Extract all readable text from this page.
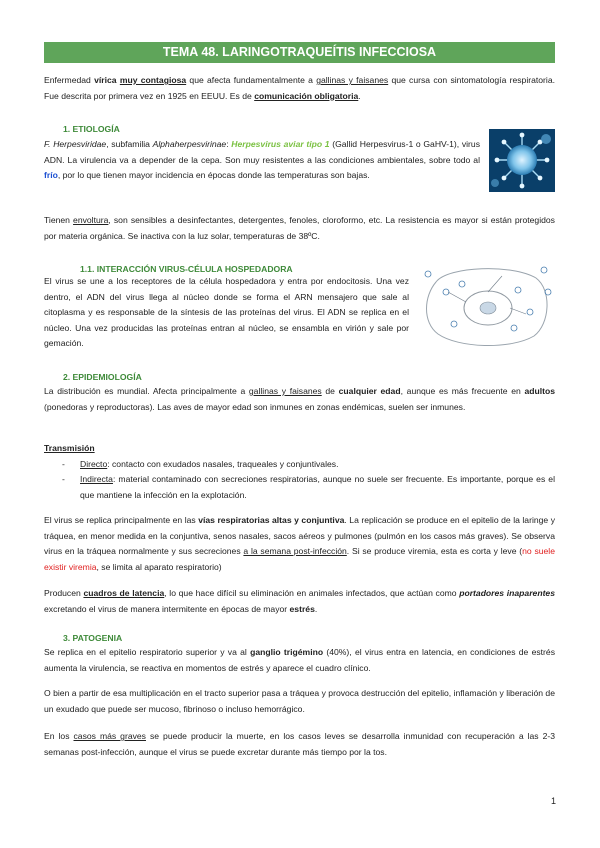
TEMA 48. LARINGOTRAQUEÍTIS INFECCIOSA
Enfermedad vírica muy contagiosa que afecta fundamentalmente a gallinas y faisanes que cursa con sintomatología respiratoria. Fue descrita por primera vez en 1925 en EEUU. Es de comunicación obligatoria.
1. ETIOLOGÍA
F. Herpesviridae, subfamilia Alphaherpesvirinae: Herpesvirus aviar tipo 1 (Gallid Herpesvirus-1 o GaHV-1), virus ADN. La virulencia va a depender de la cepa. Son muy resistentes a las condiciones ambientales, sobre todo al frío, por lo que tienen mayor incidencia en épocas donde las temperaturas son bajas.
Tienen envoltura, son sensibles a desinfectantes, detergentes, fenoles, cloroformo, etc. La resistencia es mayor si están protegidos por materia orgánica. Se inactiva con la luz solar, temperaturas de 38ºC.
1.1. INTERACCIÓN VIRUS-CÉLULA HOSPEDADORA
El virus se une a los receptores de la célula hospedadora y entra por endocitosis. Una vez dentro, el ADN del virus llega al núcleo donde se forma el ARN mensajero que sale al citoplasma y es responsable de la síntesis de las proteínas del virus. El ADN se replica en el núcleo. Una vez producidas las proteínas entran al núcleo, se ensambla en virión y sale por gemación.
2. EPIDEMIOLOGÍA
La distribución es mundial. Afecta principalmente a gallinas y faisanes de cualquier edad, aunque es más frecuente en adultos (ponedoras y reproductoras). Las aves de mayor edad son inmunes en zonas endémicas, suelen ser inmunes.
Transmisión
- Directo: contacto con exudados nasales, traqueales y conjuntivales.
- Indirecta: material contaminado con secreciones respiratorias, aunque no suele ser frecuente. Es importante, porque es el que mantiene la infección en la explotación.
El virus se replica principalmente en las vías respiratorias altas y conjuntiva. La replicación se produce en el epitelio de la laringe y tráquea, en menor medida en la conjuntiva, senos nasales, sacos aéreos y pulmones (pulmón en los casos más graves). Se observa virus en la tráquea normalmente y sus secreciones a la semana post-infección. Si se produce viremia, esta es corta y leve (no suele existir viremia, se limita al aparato respiratorio)
Producen cuadros de latencia, lo que hace difícil su eliminación en animales infectados, que actúan como portadores inaparentes excretando el virus de manera intermitente en épocas de mayor estrés.
3. PATOGENIA
Se replica en el epitelio respiratorio superior y va al ganglio trigémino (40%), el virus entra en latencia, en condiciones de estrés aumenta la virulencia, se reactiva en momentos de estrés y aparece el cuadro clínico.
O bien a partir de esa multiplicación en el tracto superior pasa a tráquea y provoca destrucción del epitelio, inflamación y liberación de un exudado que puede ser mucoso, fibrinoso o incluso hemorrágico.
En los casos más graves se puede producir la muerte, en los casos leves se desarrolla inmunidad con recuperación a las 2-3 semanas post-infección, aunque el virus se puede excretar durante más tiempo por la tos.
1
